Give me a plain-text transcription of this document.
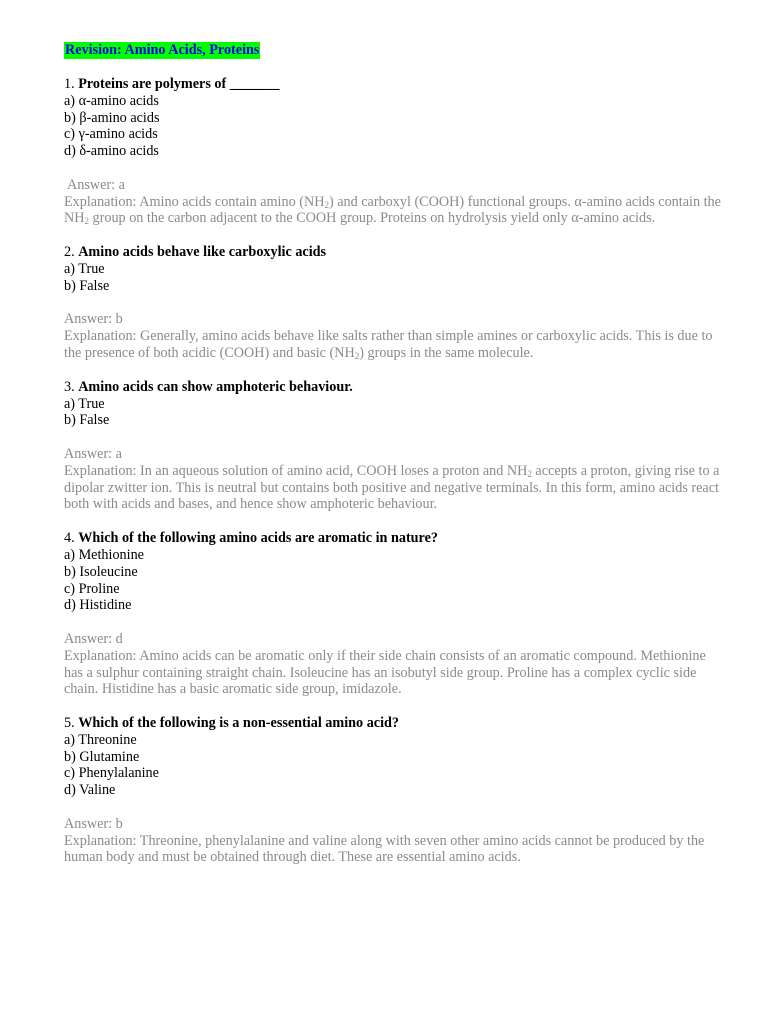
Revision: Amino Acids, Proteins
1. Proteins are polymers of _______
a) α-amino acids
b) β-amino acids
c) γ-amino acids
d) δ-amino acids
Answer: a
Explanation: Amino acids contain amino $(NH_2)$ and carboxyl (COOH) functional groups. α-amino acids contain the $NH_2$ group on the carbon adjacent to the COOH group. Proteins on hydrolysis yield only α-amino acids.
2. Amino acids behave like carboxylic acids
a) True
b) False
Answer: b
Explanation: Generally, amino acids behave like salts rather than simple amines or carboxylic acids. This is due to the presence of both acidic (COOH) and basic $(NH_2)$ groups in the same molecule.
3. Amino acids can show amphoteric behaviour.
a) True
b) False
Answer: a
Explanation: In an aqueous solution of amino acid, COOH loses a proton and $NH_2$ accepts a proton, giving rise to a dipolar zwitter ion. This is neutral but contains both positive and negative terminals. In this form, amino acids react both with acids and bases, and hence show amphoteric behaviour.
4. Which of the following amino acids are aromatic in nature?
a) Methionine
b) Isoleucine
c) Proline
d) Histidine
Answer: d
Explanation: Amino acids can be aromatic only if their side chain consists of an aromatic compound. Methionine has a sulphur containing straight chain. Isoleucine has an isobutyl side group. Proline has a complex cyclic side chain. Histidine has a basic aromatic side group, imidazole.
5. Which of the following is a non-essential amino acid?
a) Threonine
b) Glutamine
c) Phenylalanine
d) Valine
Answer: b
Explanation: Threonine, phenylalanine and valine along with seven other amino acids cannot be produced by the human body and must be obtained through diet. These are essential amino acids.
